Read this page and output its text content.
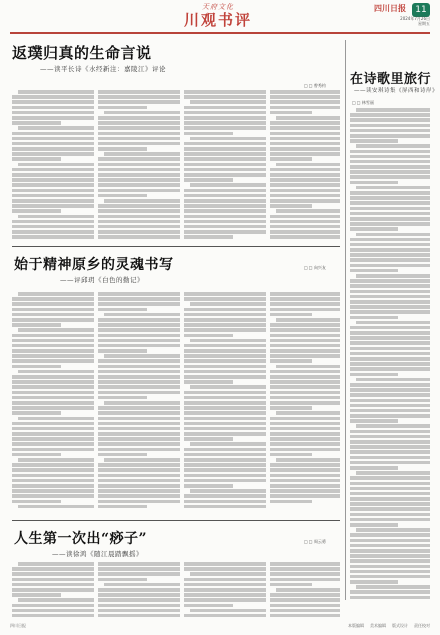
天府文化
川观书评
四川日报	11
2024年7月26日
星期五
返璞归真的生命言说
——读平长诗《水经新注：嘉陵江》评论
□ □ 曾秀钧 在诗歌里旅行
——读安琪诗集《屏西和诗岸》
□ □ 林雪丽
始于精神原乡的灵魂书写
——评邱玥《白色的勤记》
□ □ 向兴友
人生第一次出“痧子”
——读徐鸿《随江晨踏飘摇》
□ □ 周云勇
四川日报	本版编辑 美术编辑 版式设计 责任校对
